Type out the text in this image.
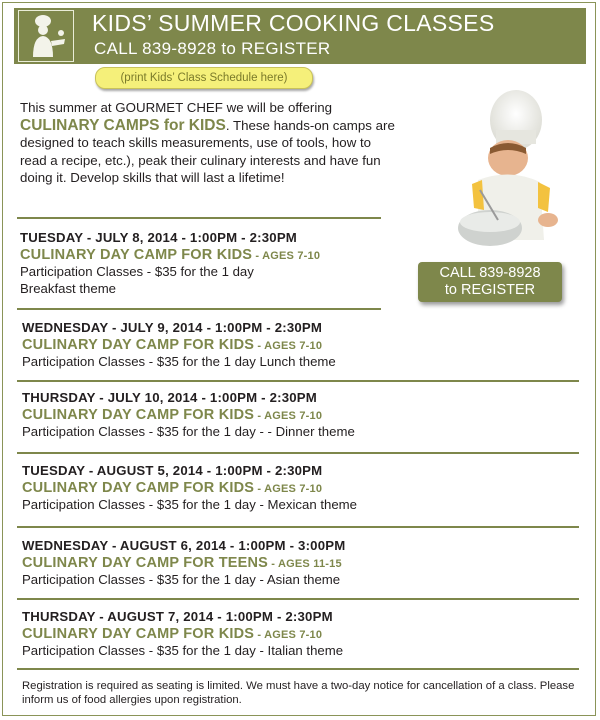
KIDS’ SUMMER COOKING CLASSES
CALL 839-8928 to REGISTER
(print Kids’ Class Schedule here)
This summer at GOURMET CHEF we will be offering CULINARY CAMPS for KIDS. These hands-on camps are designed to teach skills measurements, use of tools, how to read a recipe, etc.), peak their culinary interests and have fun doing it. Develop skills that will last a lifetime!
CALL 839-8928
to REGISTER
TUESDAY - JULY 8, 2014 - 1:00PM - 2:30PM
CULINARY DAY CAMP FOR KIDS - AGES 7-10
Participation Classes - $35 for the 1 day
Breakfast theme
WEDNESDAY - JULY 9, 2014 - 1:00PM - 2:30PM
CULINARY DAY CAMP FOR KIDS - AGES 7-10
Participation Classes - $35 for the 1 day Lunch theme
THURSDAY - JULY 10, 2014 - 1:00PM - 2:30PM
CULINARY DAY CAMP FOR KIDS - AGES 7-10
Participation Classes - $35 for the 1 day - - Dinner theme
TUESDAY - AUGUST 5, 2014 - 1:00PM - 2:30PM
CULINARY DAY CAMP FOR KIDS - AGES 7-10
Participation Classes - $35 for the 1 day - Mexican theme
WEDNESDAY - AUGUST 6, 2014 - 1:00PM - 3:00PM
CULINARY DAY CAMP FOR TEENS - AGES 11-15
Participation Classes - $35 for the 1 day - Asian theme
THURSDAY - AUGUST 7, 2014 - 1:00PM - 2:30PM
CULINARY DAY CAMP FOR KIDS - AGES 7-10
Participation Classes - $35 for the 1 day - Italian theme
Registration is required as seating is limited. We must have a two-day notice for cancellation of a class. Please inform us of food allergies upon registration.
